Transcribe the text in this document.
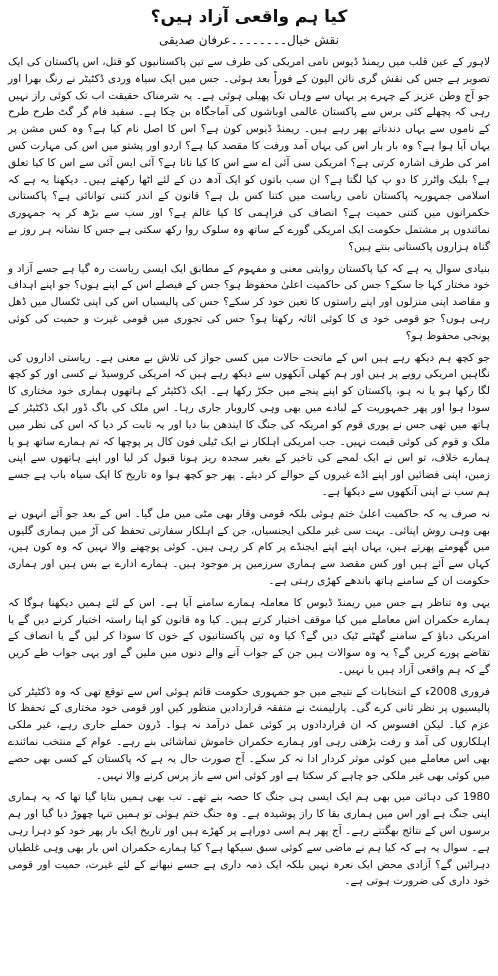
کیا ہم واقعی آزاد ہیں؟
نقش خیال۔۔۔۔۔۔۔۔عرفان صدیقی

لاہور کے عین قلب میں ریمنڈ ڈیوس نامی امریکی کی طرف سے تین پاکستانیوں کو قتل، اس پاکستان کی ایک تصویر ہے جس کی نقش گری نائن الیون کے فوراً بعد ہوئی۔ جس میں ایک سیاہ وردی ڈکٹیٹر نے رنگ بھرا اور جو آج وطن عزیز کے چہرے پر یہاں سے وہاں تک پھیلی ہوئی ہے۔ یہ شرمناک حقیقت اب تک کوئی راز نہیں رہی کہ پچھلے کئی برس سے پاکستان عالمی اوباشوں کی آماجگاہ بن چکا ہے۔ سفید فام گر گٹ طرح طرح کے ناموں سے یہاں دندناتے پھر رہے ہیں۔ ریمنڈ ڈیوس کون ہے؟ اس کا اصل نام کیا ہے؟ وہ کس مشن پر یہاں آیا ہوا ہے؟ وہ بار بار اس کی یہاں آمد ورفت کا مقصد کیا ہے؟ اردو اور پشتو میں اس کی مہارت کس امر کی طرف اشارہ کرتی ہے؟ امریکی سی آئی اے سے اس کا کیا ناتا ہے؟ آئی ایس آئی سے اس کا کیا تعلق ہے؟ بلیک واٹرز کا دو پ کیا لگتا ہے؟ ان سب باتوں کو ایک آدھ دن کے لئے اٹھا رکھتے ہیں۔ دیکھنا یہ ہے کہ اسلامی جمہوریہ پاکستان نامی ریاست میں کتنا کس بل ہے؟ قانون کے اندر کتنی توانائی ہے؟ پاکستانی حکمرانوں میں کتنی حمیت ہے؟ انصاف کی فراہمی کا کیا عالم ہے؟ اور سب سے بڑھ کر یہ جمہوری نمائندوں پر مشتمل حکومت ایک امریکی گورے کے ساتھ وہ سلوک روا رکھ سکتی ہے جس کا نشانہ ہر روز بے گناہ ہزاروں پاکستانی بنتے ہیں؟

بنیادی سوال یہ ہے کہ کیا پاکستان روایتی معنی و مفہوم کے مطابق ایک ایسی ریاست رہ گیا ہے جسے آزاد و خود مختار کہا جا سکے؟ جس کی حاکمیت اعلیٰ محفوظ ہو؟ جس کے فیصلے اس کے اپنے ہوں؟ جو اپنے اہداف و مقاصد اپنی منزلوں اور اپنے راستوں کا تعین خود کر سکے؟ جس کی پالیسیاں اس کی اپنی ٹکسال میں ڈھل رہی ہوں؟ جو قومی خود ی کا کوئی اثاثہ رکھتا ہو؟ جس کی تجوری میں قومی غیرت و حمیت کی کوئی پونجی محفوظ ہو؟

جو کچھ ہم دیکھ رہے ہیں اس کے ماتحت حالات میں کسی جواز کی تلاش بے معنی ہے۔ ریاستی اداروں کی نگاہیں امریکی رویے پر ہیں اور ہم کھلی آنکھوں سے دیکھ رہے ہیں کہ امریکی کروسیڈ نے کسی اور کو کچھ لگا رکھا ہو یا نہ ہو، پاکستان کو اپنے پنجے میں جکڑ رکھا ہے۔ ایک ڈکٹیٹر کے ہاتھوں ہماری خود مختاری کا سودا ہوا اور پھر جمہوریت کے لبادے میں بھی وہی کاروبار جاری رہا۔ اس ملک کی باگ ڈور ایک ڈکٹیٹر کے ہاتھ میں تھی جس نے پوری قوم کو امریکہ کی جنگ کا ایندھن بنا دیا اور یہ ثابت کر دیا کہ اس کی نظر میں ملک و قوم کی کوئی قیمت نہیں۔ جب امریکی اہلکار نے ایک ٹیلی فون کال پر پوچھا کہ تم ہمارے ساتھ ہو یا ہمارے خلاف، تو اس نے ایک لمحے کی تاخیر کے بغیر سجدہ ریز ہونا قبول کر لیا اور اپنے ہاتھوں سے اپنی زمین، اپنی فضائیں اور اپنے اڈے غیروں کے حوالے کر دیئے۔ پھر جو کچھ ہوا وہ تاریخ کا ایک سیاہ باب ہے جسے ہم سب نے اپنی آنکھوں سے دیکھا ہے۔

نہ صرف یہ کہ حاکمیت اعلیٰ ختم ہوئی بلکہ قومی وقار بھی مٹی میں مل گیا۔ اس کے بعد جو آئے انہوں نے بھی وہی روش اپنائی۔ بہت سی غیر ملکی ایجنسیاں، جن کے اہلکار سفارتی تحفظ کی آڑ میں ہماری گلیوں میں گھومتے پھرتے ہیں، یہاں اپنے اپنے ایجنڈے پر کام کر رہی ہیں۔ کوئی پوچھنے والا نہیں کہ وہ کون ہیں، کہاں سے آئے ہیں اور کس مقصد سے ہماری سرزمین پر موجود ہیں۔ ہمارے ادارے بے بس ہیں اور ہماری حکومت ان کے سامنے ہاتھ باندھے کھڑی رہتی ہے۔

یہی وہ تناظر ہے جس میں ریمنڈ ڈیوس کا معاملہ ہمارے سامنے آیا ہے۔ اس کے لئے ہمیں دیکھنا ہوگا کہ ہمارے حکمران اس معاملے میں کیا موقف اختیار کرتے ہیں۔ کیا وہ قانون کو اپنا راستہ اختیار کرنے دیں گے یا امریکی دباؤ کے سامنے گھٹنے ٹیک دیں گے؟ کیا وہ تین پاکستانیوں کے خون کا سودا کر لیں گے یا انصاف کے تقاضے پورے کریں گے؟ یہ وہ سوالات ہیں جن کے جواب آنے والے دنوں میں ملیں گے اور یہی جواب طے کریں گے کہ ہم واقعی آزاد ہیں یا نہیں۔

فروری 2008ء کے انتخابات کے نتیجے میں جو جمہوری حکومت قائم ہوئی اس سے توقع تھی کہ وہ ڈکٹیٹر کی پالیسیوں پر نظر ثانی کرے گی۔ پارلیمنٹ نے متفقہ قراردادیں منظور کیں اور قومی خود مختاری کے تحفظ کا عزم کیا۔ لیکن افسوس کہ ان قراردادوں پر کوئی عمل درآمد نہ ہوا۔ ڈرون حملے جاری رہے، غیر ملکی اہلکاروں کی آمد و رفت بڑھتی رہی اور ہمارے حکمران خاموش تماشائی بنے رہے۔ عوام کے منتخب نمائندے بھی اس معاملے میں کوئی موثر کردار ادا نہ کر سکے۔ آج صورت حال یہ ہے کہ پاکستان کے کسی بھی حصے میں کوئی بھی غیر ملکی جو چاہے کر سکتا ہے اور کوئی اس سے باز پرس کرنے والا نہیں۔

1980 کی دہائی میں بھی ہم ایک ایسی ہی جنگ کا حصہ بنے تھے۔ تب بھی ہمیں بتایا گیا تھا کہ یہ ہماری اپنی جنگ ہے اور اس میں ہماری بقا کا راز پوشیدہ ہے۔ وہ جنگ ختم ہوئی تو ہمیں تنہا چھوڑ دیا گیا اور ہم برسوں اس کے نتائج بھگتتے رہے۔ آج پھر ہم اسی دوراہے پر کھڑے ہیں اور تاریخ ایک بار پھر خود کو دہرا رہی ہے۔ سوال یہ ہے کہ کیا ہم نے ماضی سے کوئی سبق سیکھا ہے؟ کیا ہمارے حکمران اس بار بھی وہی غلطیاں دہرائیں گے؟ آزادی محض ایک نعرہ نہیں بلکہ ایک ذمہ داری ہے جسے نبھانے کے لئے غیرت، حمیت اور قومی خود داری کی ضرورت ہوتی ہے۔
